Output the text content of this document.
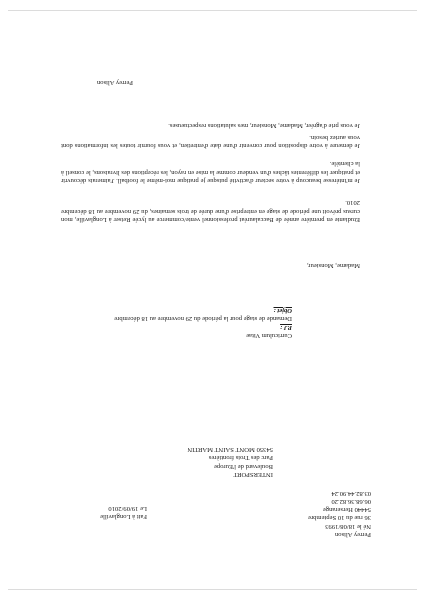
Perrey Alison
Né le 18/08/1993
36 rue du 10 Septembre
54440 Herserange
06.68.36.82.20
03.82.44.90.24
Fait à Longlaville
Le 19/09/2010
INTERSPORT
Boulevard de l'Europe
Parc des Trois frontières
54350 MONT SAINT MARTIN
Curriculum Vitae
P.J :
Demande de stage pour la période du 29 novembre au 18 décembre
Objet :
Madame, Monsieur,
Etudiante en première année de Baccalauréat professionnel vente/commerce au lycée Reiser à Longlaville, mon cursus prévoit une période de stage en entreprise d'une durée de trois semaines, du 29 novembre au 18 décembre 2010.
Je m'intéresse beaucoup à votre secteur d'activité puisque je pratique moi-même le football. J'aimerais découvrir et pratiquer les différentes tâches d'un vendeur comme la mise en rayon, les réceptions des livraisons, le conseil à la clientèle.
Je demeure à votre disposition pour convenir d'une date d'entretien, et vous fournir toutes les informations dont vous auriez besoin.
Je vous prie d'agréer, Madame, Monsieur, mes salutations respectueuses.
Perrey Alison
